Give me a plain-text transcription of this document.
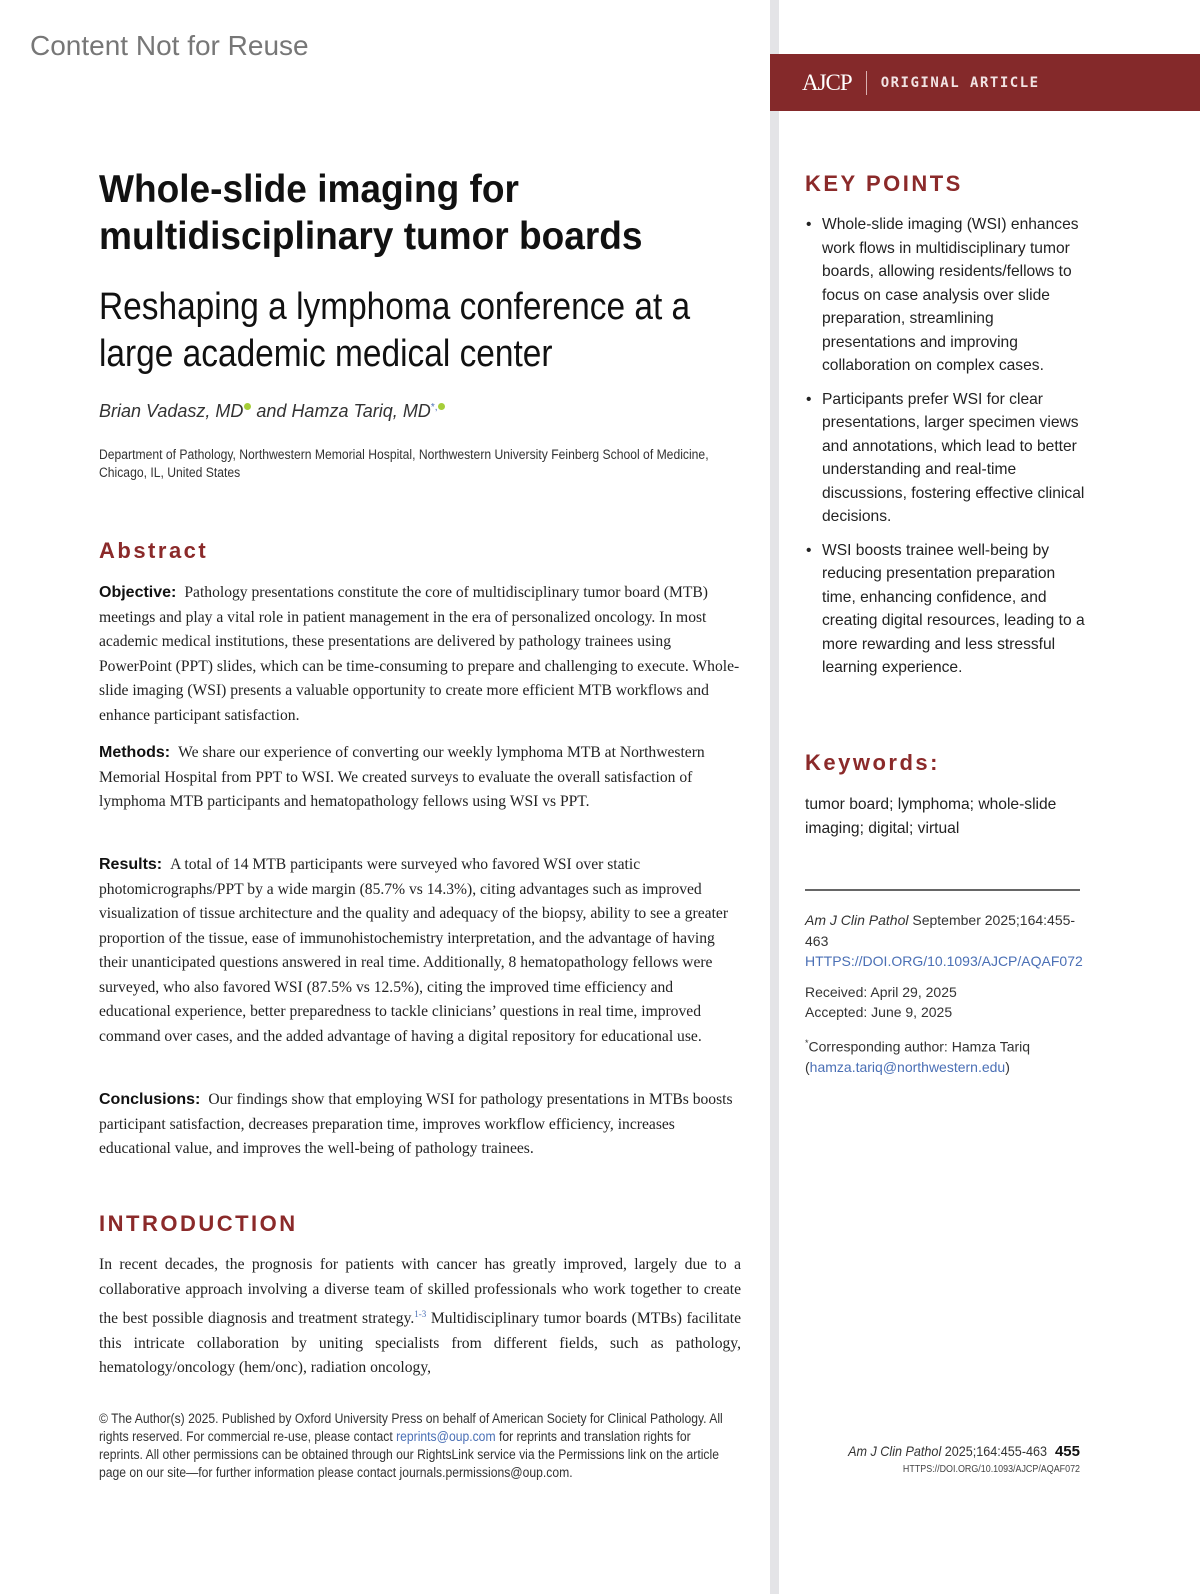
Content Not for Reuse
AJCP ORIGINAL ARTICLE
Whole-slide imaging for
multidisciplinary tumor boards
Reshaping a lymphoma conference at a
large academic medical center
Brian Vadasz, MD and Hamza Tariq, MD*,
Department of Pathology, Northwestern Memorial Hospital, Northwestern University Feinberg School of Medicine, Chicago, IL, United States
Abstract
Objective: Pathology presentations constitute the core of multidisciplinary tumor board (MTB) meetings and play a vital role in patient management in the era of personalized oncology. In most academic medical institutions, these presentations are delivered by pathology trainees using PowerPoint (PPT) slides, which can be time-consuming to prepare and challenging to execute. Whole-slide imaging (WSI) presents a valuable opportunity to create more efficient MTB workflows and enhance participant satisfaction.
Methods: We share our experience of converting our weekly lymphoma MTB at Northwestern Memorial Hospital from PPT to WSI. We created surveys to evaluate the overall satisfaction of lymphoma MTB participants and hematopathology fellows using WSI vs PPT.
Results: A total of 14 MTB participants were surveyed who favored WSI over static photomicrographs/PPT by a wide margin (85.7% vs 14.3%), citing advantages such as improved visualization of tissue architecture and the quality and adequacy of the biopsy, ability to see a greater proportion of the tissue, ease of immunohistochemistry interpretation, and the advantage of having their unanticipated questions answered in real time. Additionally, 8 hematopathology fellows were surveyed, who also favored WSI (87.5% vs 12.5%), citing the improved time efficiency and educational experience, better preparedness to tackle clinicians’ questions in real time, improved command over cases, and the added advantage of having a digital repository for educational use.
Conclusions: Our findings show that employing WSI for pathology presentations in MTBs boosts participant satisfaction, decreases preparation time, improves workflow efficiency, increases educational value, and improves the well-being of pathology trainees.
INTRODUCTION
In recent decades, the prognosis for patients with cancer has greatly improved, largely due to a collaborative approach involving a diverse team of skilled professionals who work together to create the best possible diagnosis and treatment strategy.$^{1-3}$ Multidisciplinary tumor boards (MTBs) facilitate this intricate collaboration by uniting specialists from different fields, such as pathology, hematology/oncology (hem/onc), radiation oncology,
© The Author(s) 2025. Published by Oxford University Press on behalf of American Society for Clinical Pathology. All rights reserved. For commercial re-use, please contact reprints@oup.com for reprints and translation rights for reprints. All other permissions can be obtained through our RightsLink service via the Permissions link on the article page on our site—for further information please contact journals.permissions@oup.com.
KEY POINTS
• Whole-slide imaging (WSI) enhances work flows in multidisciplinary tumor boards, allowing residents/fellows to focus on case analysis over slide preparation, streamlining presentations and improving collaboration on complex cases.
• Participants prefer WSI for clear presentations, larger specimen views and annotations, which lead to better understanding and real-time discussions, fostering effective clinical decisions.
• WSI boosts trainee well-being by reducing presentation preparation time, enhancing confidence, and creating digital resources, leading to a more rewarding and less stressful learning experience.
Keywords:
tumor board; lymphoma; whole-slide imaging; digital; virtual

Am J Clin Pathol September 2025;164:455-463
HTTPS://DOI.ORG/10.1093/AJCP/AQAF072

Received: April 29, 2025
Accepted: June 9, 2025

*Corresponding author: Hamza Tariq
(hamza.tariq@northwestern.edu)

Am J Clin Pathol 2025;164:455-463 455
HTTPS://DOI.ORG/10.1093/AJCP/AQAF072
